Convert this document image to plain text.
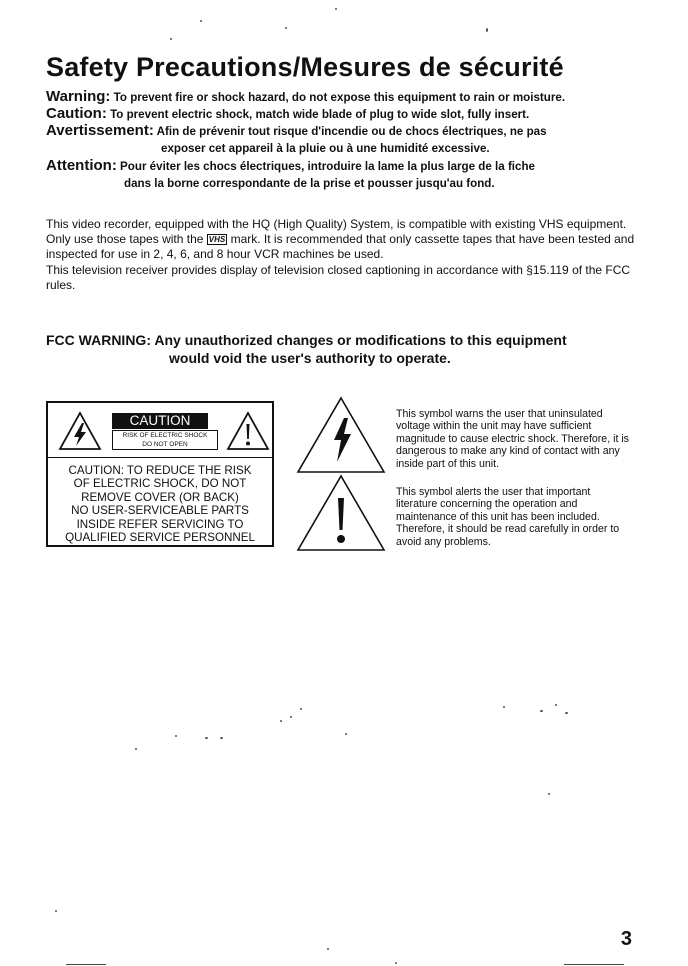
Safety Precautions/Mesures de sécurité
Warning: To prevent fire or shock hazard, do not expose this equipment to rain or moisture.
Caution: To prevent electric shock, match wide blade of plug to wide slot, fully insert.
Avertissement: Afin de prévenir tout risque d'incendie ou de chocs électriques, ne pas
exposer cet appareil à la pluie ou à une humidité excessive.
Attention: Pour éviter les chocs électriques, introduire la lame la plus large de la fiche
dans la borne correspondante de la prise et pousser jusqu'au fond.

This video recorder, equipped with the HQ (High Quality) System, is compatible with existing VHS equipment.

Only use those tapes with the VHS mark. It is recommended that only cassette tapes that have been tested and inspected for use in 2, 4, 6, and 8 hour VCR machines be used.

This television receiver provides display of television closed captioning in accordance with §15.119 of the FCC rules.

FCC WARNING: Any unauthorized changes or modifications to this equipment
would void the user's authority to operate.
CAUTION
RISK OF ELECTRIC SHOCK
DO NOT OPEN
CAUTION: TO REDUCE THE RISK
OF ELECTRIC SHOCK, DO NOT
REMOVE COVER (OR BACK)
NO USER-SERVICEABLE PARTS
INSIDE REFER SERVICING TO
QUALIFIED SERVICE PERSONNEL

This symbol warns the user that uninsulated voltage within the unit may have sufficient magnitude to cause electric shock. Therefore, it is dangerous to make any kind of contact with any inside part of this unit.

This symbol alerts the user that important literature concerning the operation and maintenance of this unit has been included. Therefore, it should be read carefully in order to avoid any problems.

3
